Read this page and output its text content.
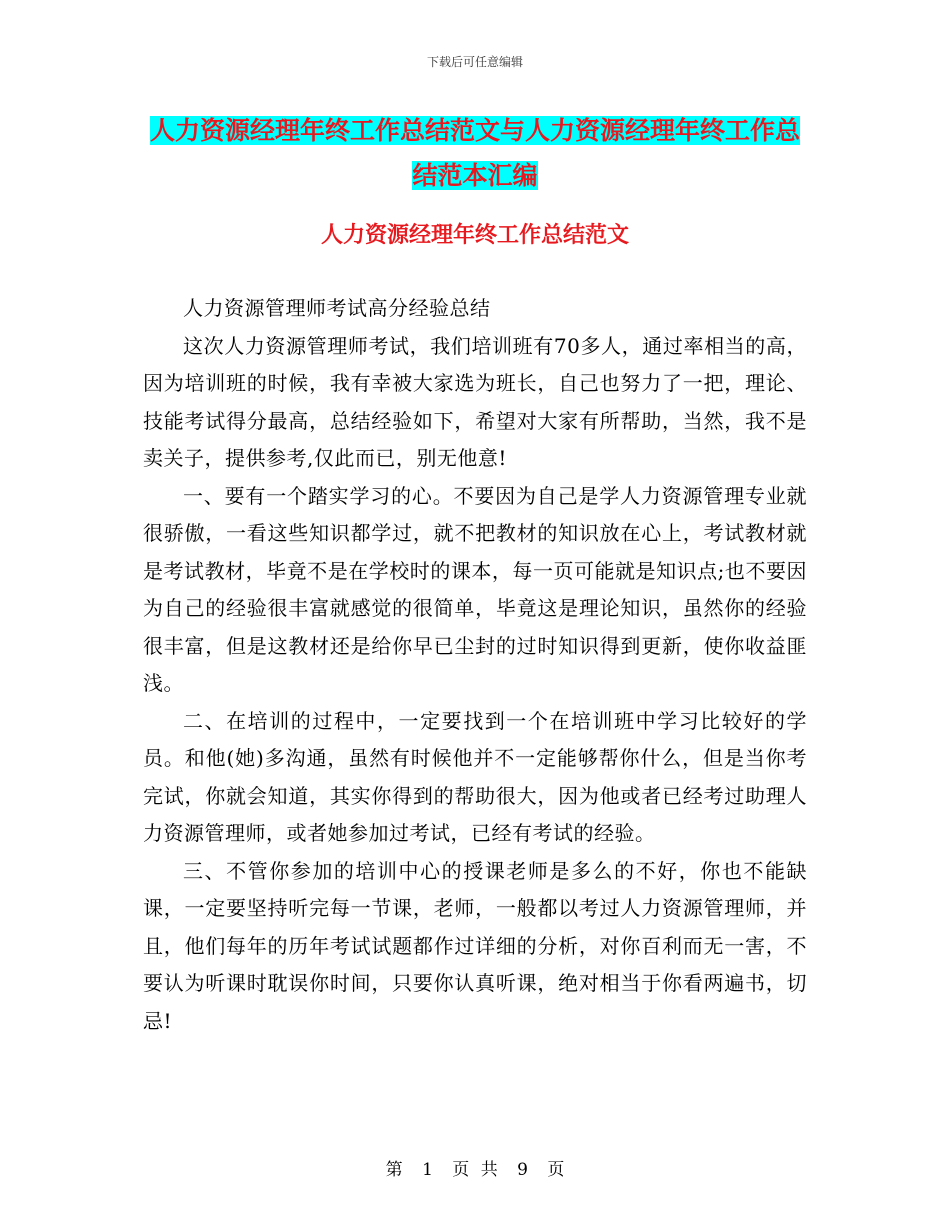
下载后可任意编辑
人力资源经理年终工作总结范文与人力资源经理年终工作总结范本汇编
人力资源经理年终工作总结范文

人力资源管理师考试高分经验总结

这次人力资源管理师考试，我们培训班有70多人，通过率相当的高，因为培训班的时候，我有幸被大家选为班长，自己也努力了一把，理论、技能考试得分最高，总结经验如下，希望对大家有所帮助，当然，我不是卖关子，提供参考,仅此而已，别无他意!

一、要有一个踏实学习的心。不要因为自己是学人力资源管理专业就很骄傲，一看这些知识都学过，就不把教材的知识放在心上，考试教材就是考试教材，毕竟不是在学校时的课本，每一页可能就是知识点;也不要因为自己的经验很丰富就感觉的很简单，毕竟这是理论知识，虽然你的经验很丰富，但是这教材还是给你早已尘封的过时知识得到更新，使你收益匪浅。

二、在培训的过程中，一定要找到一个在培训班中学习比较好的学员。和他(她)多沟通，虽然有时候他并不一定能够帮你什么，但是当你考完试，你就会知道，其实你得到的帮助很大，因为他或者已经考过助理人力资源管理师，或者她参加过考试，已经有考试的经验。

三、不管你参加的培训中心的授课老师是多么的不好，你也不能缺课，一定要坚持听完每一节课，老师，一般都以考过人力资源管理师，并且，他们每年的历年考试试题都作过详细的分析，对你百利而无一害，不要认为听课时耽误你时间，只要你认真听课，绝对相当于你看两遍书，切忌!

第 1 页 共 9 页
